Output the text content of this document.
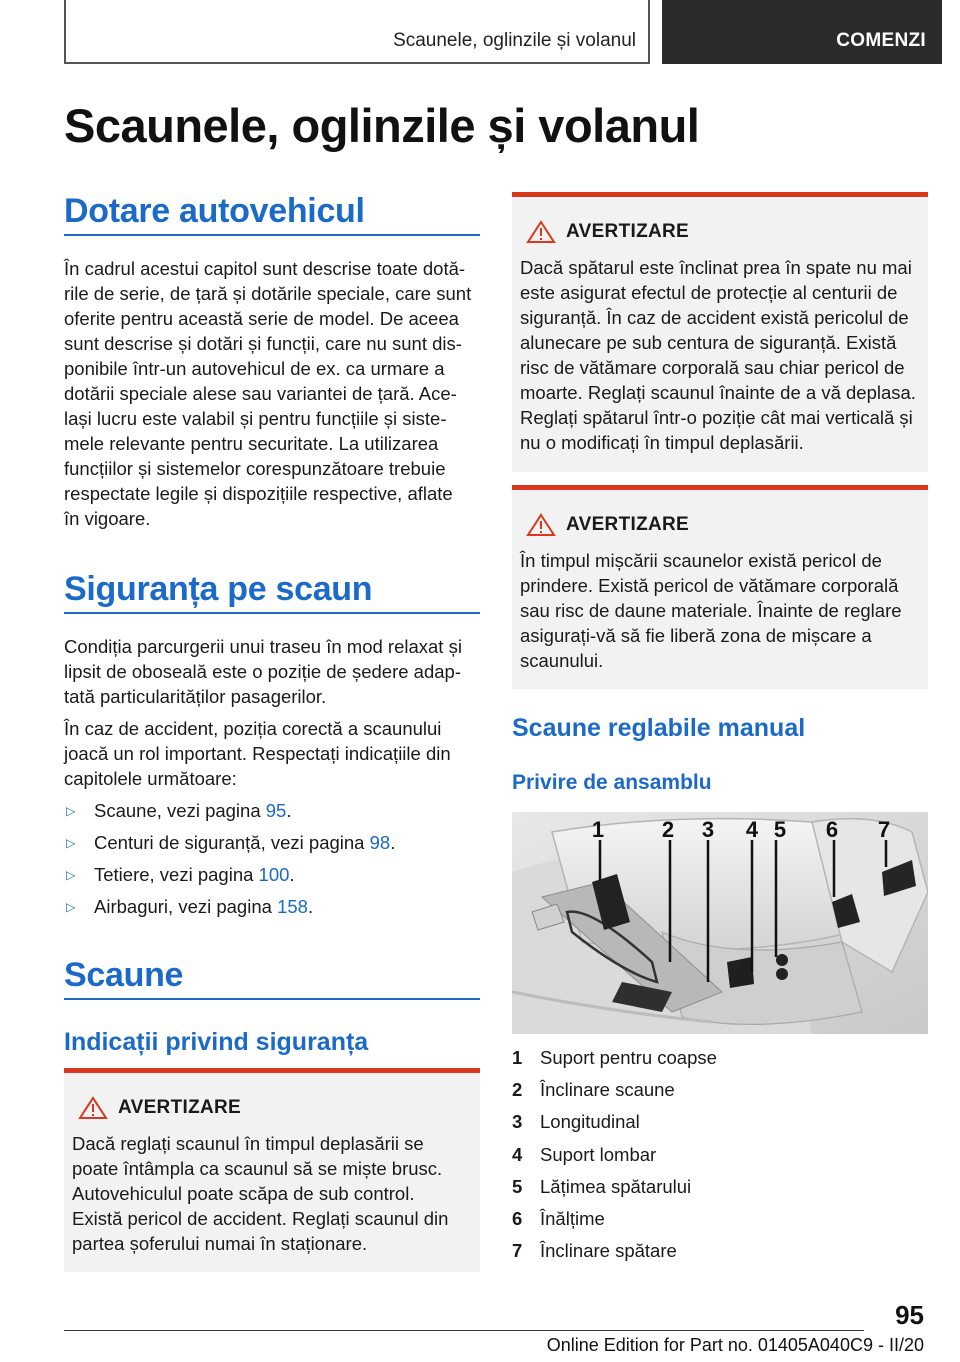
Scaunele, oglinzile și volanul	COMENZI
Scaunele, oglinzile și volanul
Dotare autovehicul
În cadrul acestui capitol sunt descrise toate dotă‐
rile de serie, de țară și dotările speciale, care sunt
oferite pentru această serie de model. De aceea
sunt descrise și dotări și funcții, care nu sunt dis‐
ponibile într-un autovehicul de ex. ca urmare a
dotării speciale alese sau variantei de țară. Ace‐
lași lucru este valabil și pentru funcțiile și siste‐
mele relevante pentru securitate. La utilizarea
funcțiilor și sistemelor corespunzătoare trebuie
respectate legile și dispozițiile respective, aflate
în vigoare.
Siguranța pe scaun
Condiția parcurgerii unui traseu în mod relaxat și
lipsit de oboseală este o poziție de ședere adap‐
tată particularităților pasagerilor.
În caz de accident, poziția corectă a scaunului
joacă un rol important. Respectați indicațiile din
capitolele următoare:
▷ Scaune, vezi pagina 95.
▷ Centuri de siguranță, vezi pagina 98.
▷ Tetiere, vezi pagina 100.
▷ Airbaguri, vezi pagina 158.
Scaune
Indicații privind siguranța
AVERTIZARE
Dacă reglați scaunul în timpul deplasării se
poate întâmpla ca scaunul să se miște brusc.
Autovehiculul poate scăpa de sub control.
Există pericol de accident. Reglați scaunul din
partea șoferului numai în staționare.
AVERTIZARE
Dacă spătarul este înclinat prea în spate nu mai
este asigurat efectul de protecție al centurii de
siguranță. În caz de accident există pericolul de
alunecare pe sub centura de siguranță. Există
risc de vătămare corporală sau chiar pericol de
moarte. Reglați scaunul înainte de a vă deplasa.
Reglați spătarul într-o poziție cât mai verticală și
nu o modificați în timpul deplasării.
AVERTIZARE
În timpul mișcării scaunelor există pericol de
prindere. Există pericol de vătămare corporală
sau risc de daune materiale. Înainte de reglare
asigurați-vă să fie liberă zona de mișcare a
scaunului.
Scaune reglabile manual
Privire de ansamblu
1	2 3 4 5 6 7
1 Suport pentru coapse
2 Înclinare scaune
3 Longitudinal
4 Suport lombar
5 Lățimea spătarului
6 Înălțime
7 Înclinare spătare
95
Online Edition for Part no. 01405A040C9 - II/20
